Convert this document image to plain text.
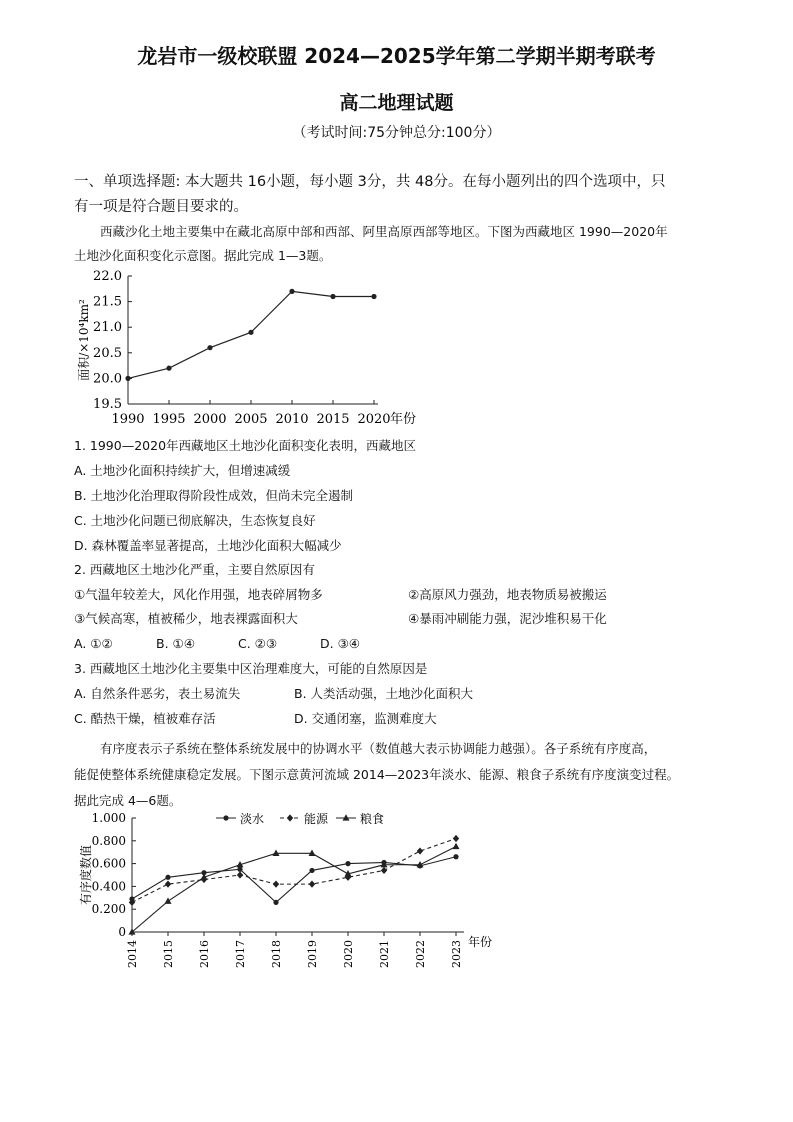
龙岩市一级校联盟 2024—2025学年第二学期半期考联考
高二地理试题
（考试时间:75分钟总分:100分）
一、单项选择题: 本大题共 16小题，每小题 3分，共 48分。在每小题列出的四个选项中，只
有一项是符合题目要求的。
西藏沙化土地主要集中在藏北高原中部和西部、阿里高原西部等地区。下图为西藏地区 1990—2020年
土地沙化面积变化示意图。据此完成 1—3题。
22.0
21.5
21.0
20.5
20.0
19.5
1990 1995 2000 2005 2010 2015 2020 年份
面积/×10⁴km²
1. 1990—2020年西藏地区土地沙化面积变化表明，西藏地区
A. 土地沙化面积持续扩大，但增速减缓
B. 土地沙化治理取得阶段性成效，但尚未完全遏制
C. 土地沙化问题已彻底解决，生态恢复良好
D. 森林覆盖率显著提高，土地沙化面积大幅减少
2. 西藏地区土地沙化严重，主要自然原因有
①气温年较差大，风化作用强，地表碎屑物多	②高原风力强劲，地表物质易被搬运
③气候高寒，植被稀少，地表裸露面积大	④暴雨冲刷能力强，泥沙堆积易干化
A. ①②	B. ①④	C. ②③	D. ③④
3. 西藏地区土地沙化主要集中区治理难度大，可能的自然原因是
A. 自然条件恶劣，表土易流失	B. 人类活动强，土地沙化面积大
C. 酷热干燥，植被难存活	D. 交通闭塞，监测难度大
有序度表示子系统在整体系统发展中的协调水平（数值越大表示协调能力越强）。各子系统有序度高，
能促使整体系统健康稳定发展。下图示意黄河流域 2014—2023年淡水、能源、粮食子系统有序度演变过程。
据此完成 4—6题。
1.000
0.800
0.600
0.400
0.200
0
2014 2015 2016 2017 2018 2019 2020 2021 2022 2023 年份
有序度数值
淡水	能源	粮食
